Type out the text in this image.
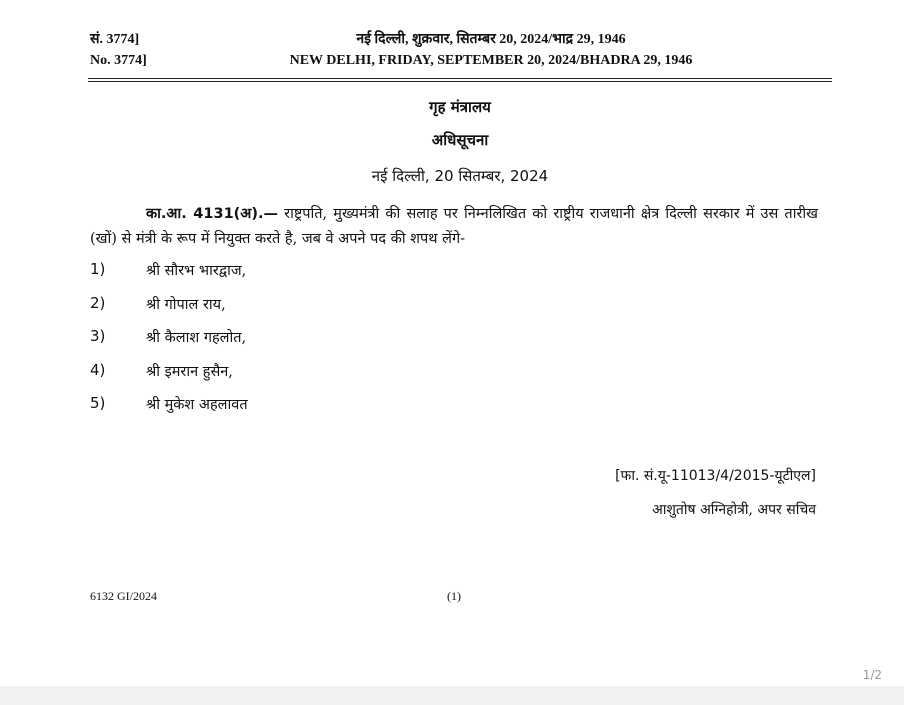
सं. 3774]	नई दिल्ली, शुक्रवार, सितम्बर 20, 2024/भाद्र 29, 1946
No. 3774]	NEW DELHI, FRIDAY, SEPTEMBER 20, 2024/BHADRA 29, 1946
गृह मंत्रालय
अधिसूचना
नई दिल्ली, 20 सितम्बर, 2024
का.आ. 4131(अ).— राष्ट्रपति, मुख्यमंत्री की सलाह पर निम्नलिखित को राष्ट्रीय राजधानी क्षेत्र दिल्ली सरकार में उस तारीख (खों) से मंत्री के रूप में नियुक्त करते है, जब वे अपने पद की शपथ लेंगे-
1)	श्री सौरभ भारद्वाज,
2)	श्री गोपाल राय,
3)	श्री कैलाश गहलोत,
4)	श्री इमरान हुसैन,
5)	श्री मुकेश अहलावत
[फा. सं.यू-11013/4/2015-यूटीएल]
आशुतोष अग्निहोत्री, अपर सचिव
6132 GI/2024	(1)
1/2
